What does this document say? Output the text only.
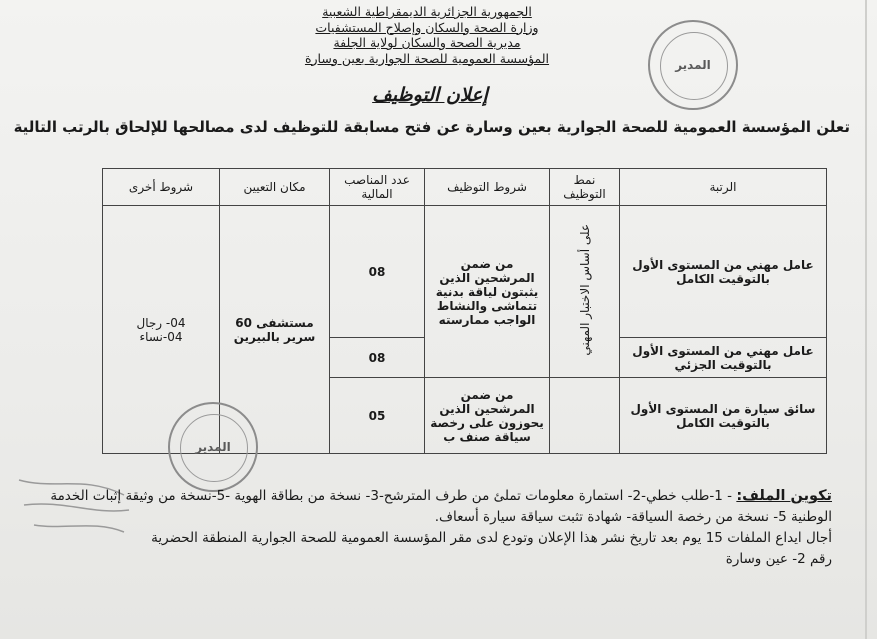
الجمهورية الجزائرية الديمقراطية الشعبية
وزارة الصحة والسكان وإصلاح المستشفيات
مديرية الصحة والسكان لولاية الجلفة
المؤسسة العمومية للصحة الجوارية بعين وسارة	المدير
إعلان التوظيف
تعلن المؤسسة العمومية للصحة الجوارية بعين وسارة عن فتح مسابقة للتوظيف لدى مصالحها للإلحاق بالرتب التالية
الرتبة	نمط التوظيف	شروط التوظيف	عدد المناصب المالية	مكان التعيين	شروط أخرى
عامل مهني من المستوى الأول بالتوقيت الكامل	على أساس الاختبار المهني	من ضمن المرشحين الذين يثبتون لياقة بدنية تتماشى والنشاط الواجب ممارسته	08	مستشفى 60 سرير بالبيرين	04- رجال
04-نساء

عامل مهني من المستوى الأول بالتوقيت الجزئي			08		
سائق سيارة من المستوى الأول بالتوقيت الكامل		من ضمن المرشحين الذين يحوزون على رخصة سياقة صنف ب	05		
المدير
تكوين الملف: - 1-طلب خطي-2- استمارة معلومات تملئ من طرف المترشح-3- نسخة من بطاقة الهوية -5-نسخة من وثيقة إثبات الخدمة
الوطنية 5- نسخة من رخصة السياقة- شهادة تثبت سياقة سيارة أسعاف.
أجال ايداع الملفات 15 يوم بعد تاريخ نشر هذا الإعلان وتودع لدى مقر المؤسسة العمومية للصحة الجوارية المنطقة الحضرية
رقم 2- عين وسارة
